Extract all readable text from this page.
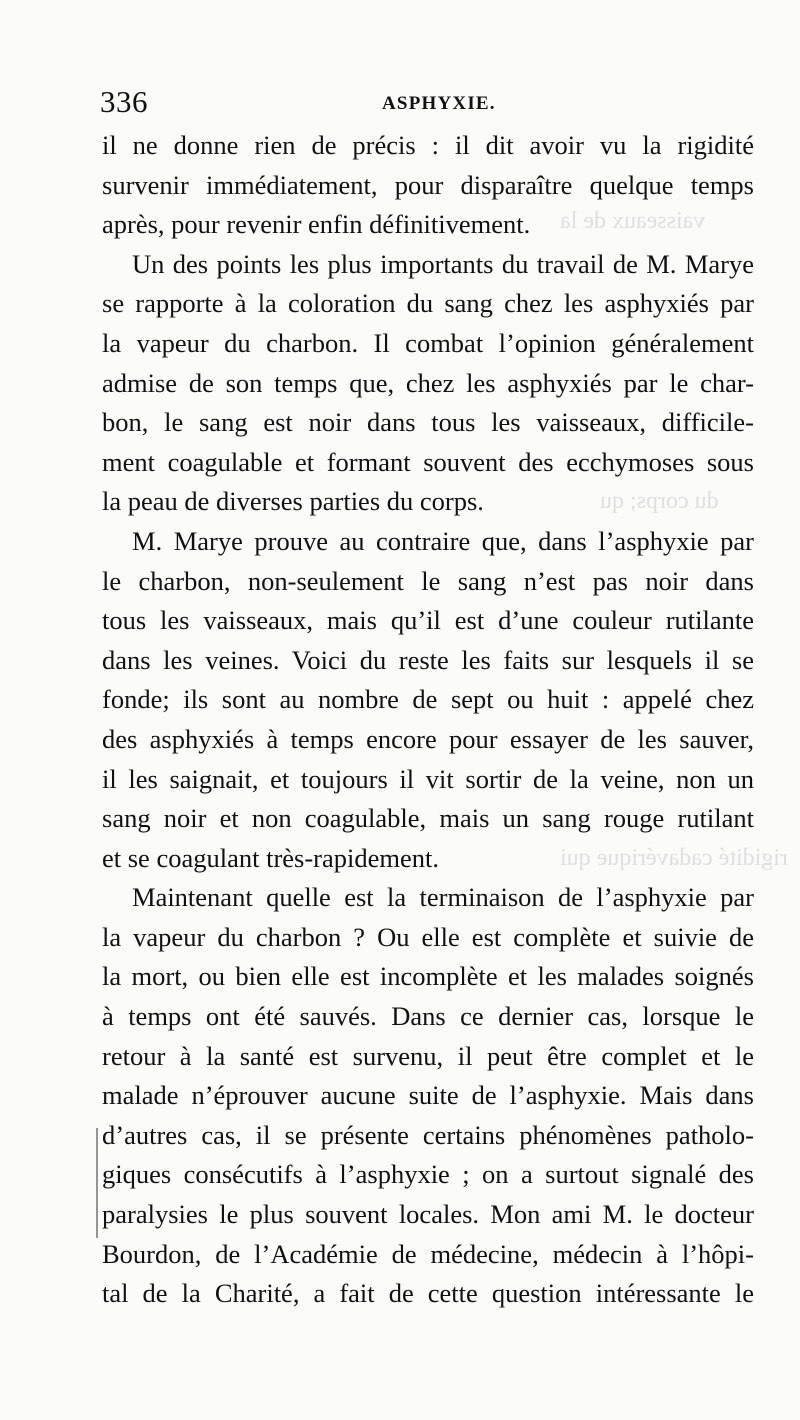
vaisseaux de la
du corps; qu
rigidité cadavérique qui
336	ASPHYXIE.

il ne donne rien de précis : il dit avoir vu la rigidité

survenir immédiatement, pour disparaître quelque temps

après, pour revenir enfin définitivement.

Un des points les plus importants du travail de M. Marye

se rapporte à la coloration du sang chez les asphyxiés par

la vapeur du charbon. Il combat l’opinion généralement

admise de son temps que, chez les asphyxiés par le char-

bon, le sang est noir dans tous les vaisseaux, difficile-

ment coagulable et formant souvent des ecchymoses sous

la peau de diverses parties du corps.

M. Marye prouve au contraire que, dans l’asphyxie par

le charbon, non-seulement le sang n’est pas noir dans

tous les vaisseaux, mais qu’il est d’une couleur rutilante

dans les veines. Voici du reste les faits sur lesquels il se

fonde; ils sont au nombre de sept ou huit : appelé chez

des asphyxiés à temps encore pour essayer de les sauver,

il les saignait, et toujours il vit sortir de la veine, non un

sang noir et non coagulable, mais un sang rouge rutilant

et se coagulant très-rapidement.

Maintenant quelle est la terminaison de l’asphyxie par

la vapeur du charbon ? Ou elle est complète et suivie de

la mort, ou bien elle est incomplète et les malades soignés

à temps ont été sauvés. Dans ce dernier cas, lorsque le

retour à la santé est survenu, il peut être complet et le

malade n’éprouver aucune suite de l’asphyxie. Mais dans

d’autres cas, il se présente certains phénomènes patholo-

giques consécutifs à l’asphyxie ; on a surtout signalé des

paralysies le plus souvent locales. Mon ami M. le docteur

Bourdon, de l’Académie de médecine, médecin à l’hôpi-

tal de la Charité, a fait de cette question intéressante le
